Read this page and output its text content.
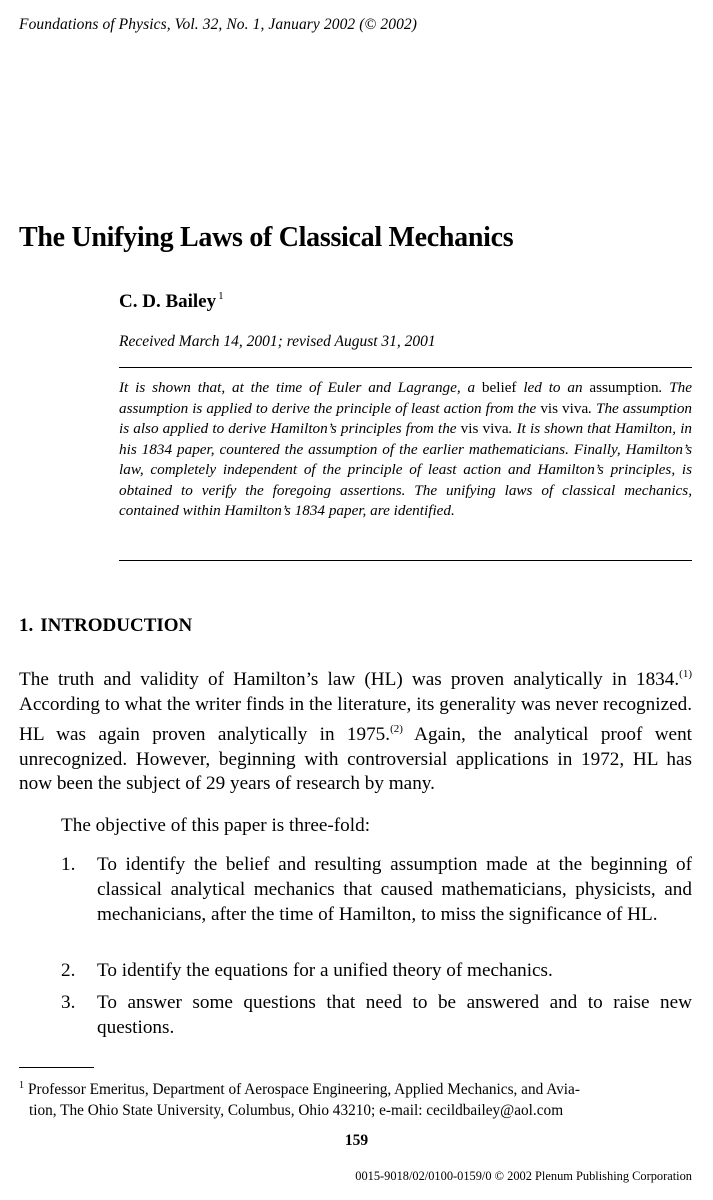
Foundations of Physics, Vol. 32, No. 1, January 2002 (© 2002)
The Unifying Laws of Classical Mechanics
C. D. Bailey $^1$
Received March 14, 2001; revised August 31, 2001
It is shown that, at the time of Euler and Lagrange, a belief led to an assumption. The assumption is applied to derive the principle of least action from the vis viva. The assumption is also applied to derive Hamilton’s principles from the vis viva. It is shown that Hamilton, in his 1834 paper, countered the assumption of the earlier mathematicians. Finally, Hamilton’s law, completely independent of the principle of least action and Hamilton’s principles, is obtained to verify the foregoing assertions. The unifying laws of classical mechanics, contained within Hamilton’s 1834 paper, are identified.
1. INTRODUCTION
The truth and validity of Hamilton’s law (HL) was proven analytically in 1834.$^{(1)}$ According to what the writer finds in the literature, its generality was never recognized. HL was again proven analytically in 1975.$^{(2)}$ Again, the analytical proof went unrecognized. However, beginning with controversial applications in 1972, HL has now been the subject of 29 years of research by many.
The objective of this paper is three-fold:
1. To identify the belief and resulting assumption made at the beginning of classical analytical mechanics that caused mathematicians, physicists, and mechanicians, after the time of Hamilton, to miss the significance of HL.
2. To identify the equations for a unified theory of mechanics.
3. To answer some questions that need to be answered and to raise new questions.
$^1$ Professor Emeritus, Department of Aerospace Engineering, Applied Mechanics, and Avia-
tion, The Ohio State University, Columbus, Ohio 43210; e-mail: cecildbailey@aol.com
159
0015-9018/02/0100-0159/0 © 2002 Plenum Publishing Corporation
